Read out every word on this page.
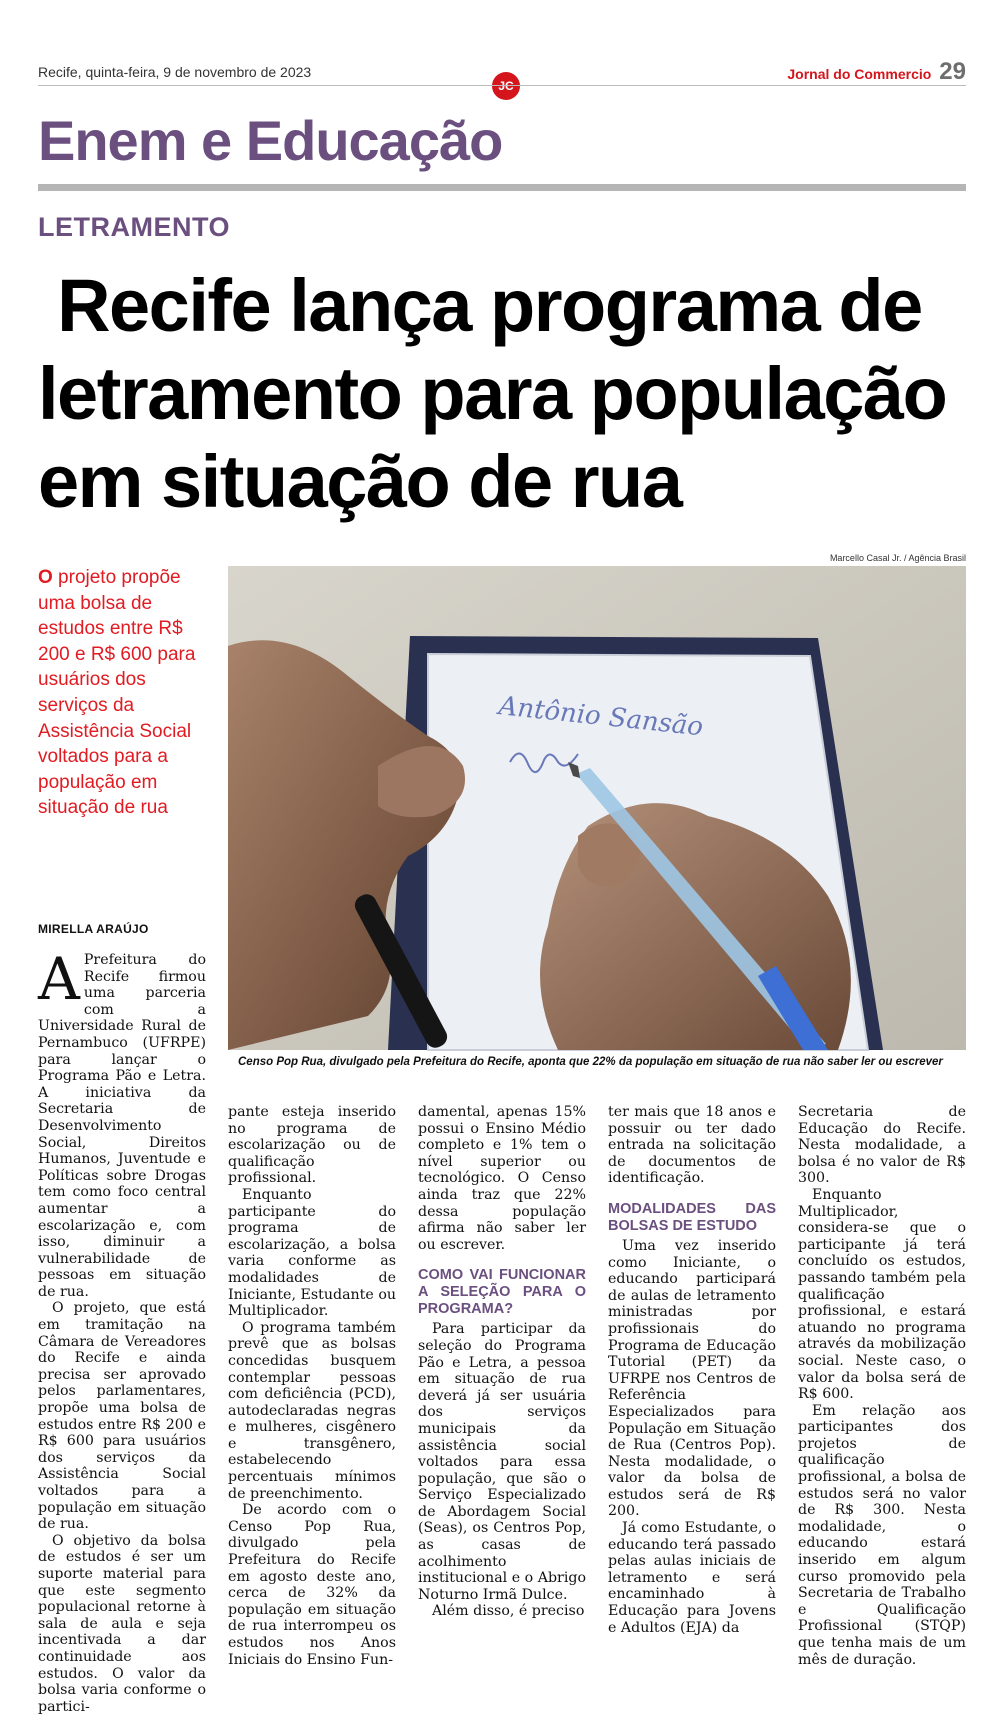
Recife, quinta-feira, 9 de novembro de 2023
JC
Jornal do Commercio 29
Enem e Educação
LETRAMENTO
Recife lança programa de letramento para população em situação de rua
O projeto propõe uma bolsa de estudos entre R$ 200 e R$ 600 para usuários dos serviços da Assistência Social voltados para a população em situação de rua
Marcello Casal Jr. / Agência Brasil
Antônio Sansão
Censo Pop Rua, divulgado pela Prefeitura do Recife, aponta que 22% da população em situação de rua não saber ler ou escrever
MIRELLA ARAÚJO

A Prefeitura do Recife firmou uma parceria com a Universidade Rural de Pernambuco (UFRPE) para lançar o Programa Pão e Letra. A iniciativa da Secretaria de Desenvolvimento Social, Direitos Humanos, Juventude e Políticas sobre Drogas tem como foco central aumentar a escolarização e, com isso, diminuir a vulnerabilidade de pessoas em situação de rua.

O projeto, que está em tramitação na Câmara de Vereadores do Recife e ainda precisa ser aprovado pelos parlamentares, propõe uma bolsa de estudos entre R$ 200 e R$ 600 para usuários dos serviços da Assistência Social voltados para a população em situação de rua.

O objetivo da bolsa de estudos é ser um suporte material para que este segmento populacional retorne à sala de aula e seja incentivada a dar continuidade aos estudos. O valor da bolsa varia conforme o partici-

pante esteja inserido no programa de escolarização ou de qualificação profissional.

Enquanto participante do programa de escolarização, a bolsa varia conforme as modalidades de Iniciante, Estudante ou Multiplicador.

O programa também prevê que as bolsas concedidas busquem contemplar pessoas com deficiência (PCD), autodeclaradas negras e mulheres, cisgênero e transgênero, estabelecendo percentuais mínimos de preenchimento.

De acordo com o Censo Pop Rua, divulgado pela Prefeitura do Recife em agosto deste ano, cerca de 32% da população em situação de rua interrompeu os estudos nos Anos Iniciais do Ensino Fun-

damental, apenas 15% possui o Ensino Médio completo e 1% tem o nível superior ou tecnológico. O Censo ainda traz que 22% dessa população afirma não saber ler ou escrever.

COMO VAI FUNCIONAR A SELEÇÃO PARA O PROGRAMA?

Para participar da seleção do Programa Pão e Letra, a pessoa em situação de rua deverá já ser usuária dos serviços municipais da assistência social voltados para essa população, que são o Serviço Especializado de Abordagem Social (Seas), os Centros Pop, as casas de acolhimento institucional e o Abrigo Noturno Irmã Dulce.

Além disso, é preciso

ter mais que 18 anos e possuir ou ter dado entrada na solicitação de documentos de identificação.

MODALIDADES DAS BOLSAS DE ESTUDO

Uma vez inserido como Iniciante, o educando participará de aulas de letramento ministradas por profissionais do Programa de Educação Tutorial (PET) da UFRPE nos Centros de Referência Especializados para População em Situação de Rua (Centros Pop). Nesta modalidade, o valor da bolsa de estudos será de R$ 200.

Já como Estudante, o educando terá passado pelas aulas iniciais de letramento e será encaminhado à Educação para Jovens e Adultos (EJA) da

Secretaria de Educação do Recife. Nesta modalidade, a bolsa é no valor de R$ 300.

Enquanto Multiplicador, considera-se que o participante já terá concluído os estudos, passando também pela qualificação profissional, e estará atuando no programa através da mobilização social. Neste caso, o valor da bolsa será de R$ 600.

Em relação aos participantes dos projetos de qualificação profissional, a bolsa de estudos será no valor de R$ 300. Nesta modalidade, o educando estará inserido em algum curso promovido pela Secretaria de Trabalho e Qualificação Profissional (STQP) que tenha mais de um mês de duração.
